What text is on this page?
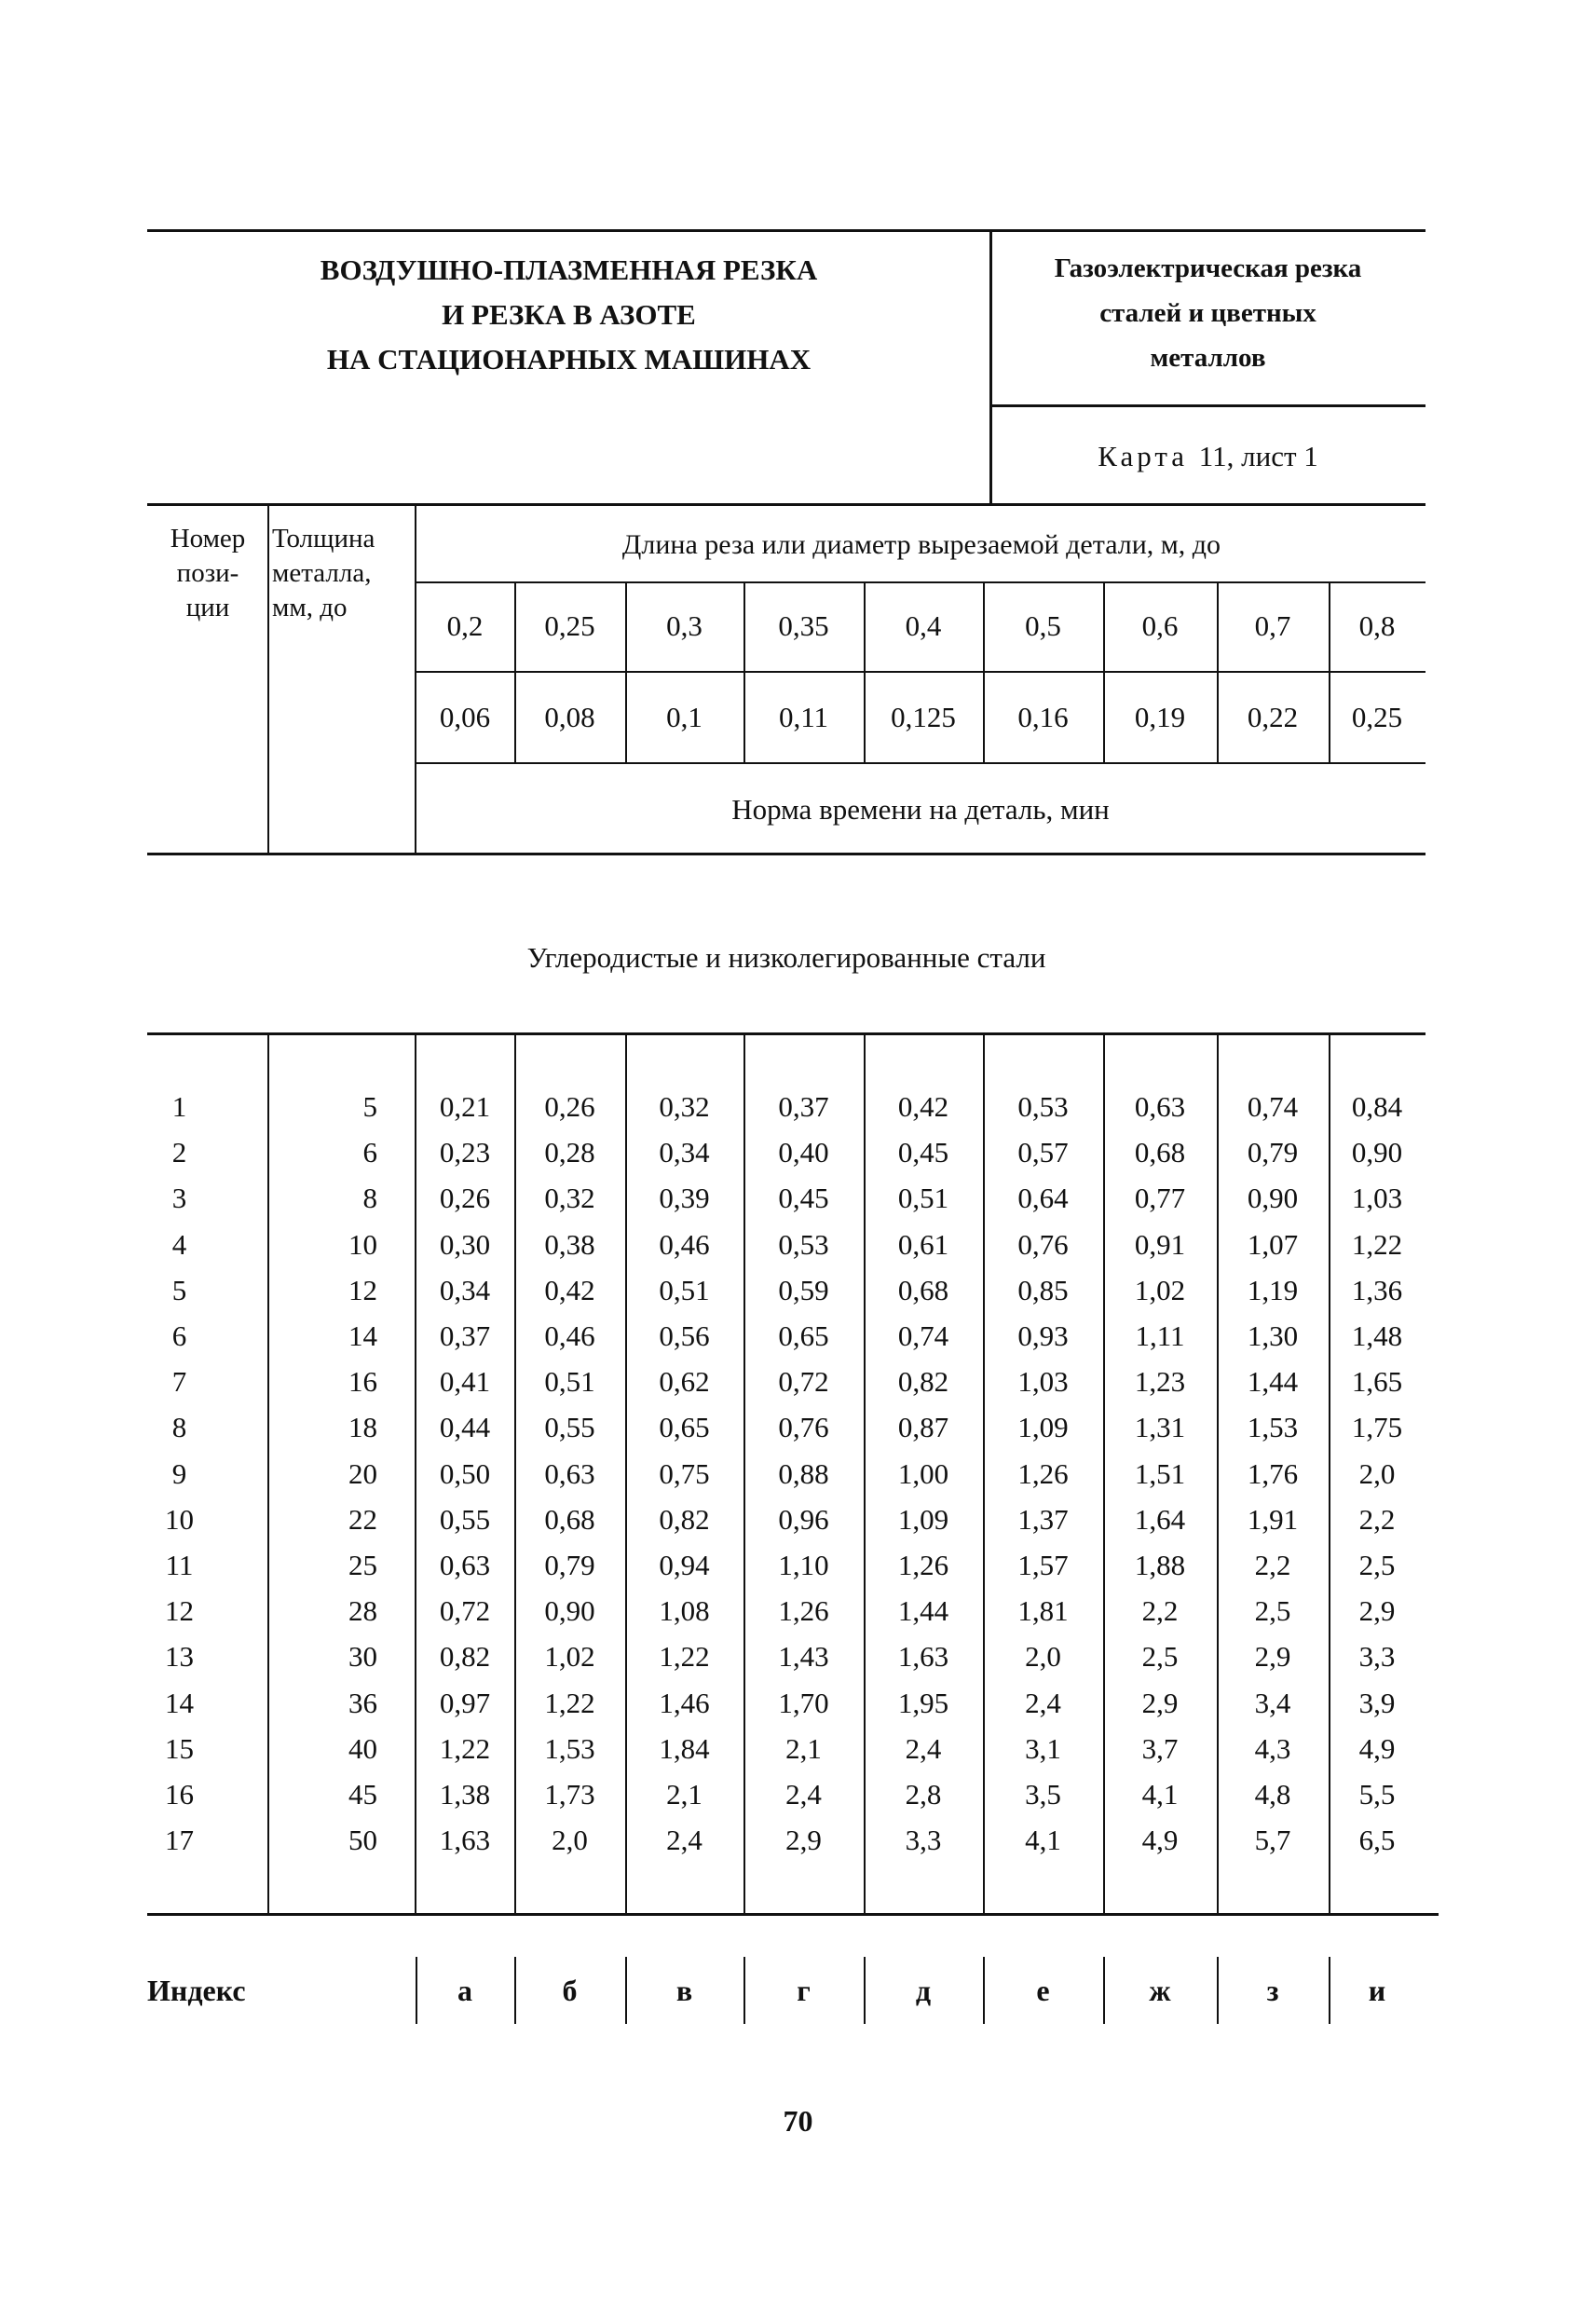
ВОЗДУШНО-ПЛАЗМЕННАЯ РЕЗКА
И РЕЗКА В АЗОТЕ
НА СТАЦИОНАРНЫХ МАШИНАХ
Газоэлектрическая резка
сталей и цветных
металлов
Карта 11, лист 1
Номер
пози-
ции
Толщина
металла,
мм, до
Длина реза или диаметр вырезаемой детали, м, до
0,2	0,25	0,3	0,35	0,4	0,5	0,6	0,7	0,8
0,06	0,08	0,1	0,11	0,125	0,16	0,19	0,22	0,25
Норма времени на деталь, мин
Углеродистые и низколегированные стали
1	5	0,21	0,26	0,32	0,37	0,42	0,53	0,63	0,74	0,84
2	6	0,23	0,28	0,34	0,40	0,45	0,57	0,68	0,79	0,90
3	8	0,26	0,32	0,39	0,45	0,51	0,64	0,77	0,90	1,03
4	10	0,30	0,38	0,46	0,53	0,61	0,76	0,91	1,07	1,22
5	12	0,34	0,42	0,51	0,59	0,68	0,85	1,02	1,19	1,36
6	14	0,37	0,46	0,56	0,65	0,74	0,93	1,11	1,30	1,48
7	16	0,41	0,51	0,62	0,72	0,82	1,03	1,23	1,44	1,65
8	18	0,44	0,55	0,65	0,76	0,87	1,09	1,31	1,53	1,75
9	20	0,50	0,63	0,75	0,88	1,00	1,26	1,51	1,76	2,0
10	22	0,55	0,68	0,82	0,96	1,09	1,37	1,64	1,91	2,2
11	25	0,63	0,79	0,94	1,10	1,26	1,57	1,88	2,2	2,5
12	28	0,72	0,90	1,08	1,26	1,44	1,81	2,2	2,5	2,9
13	30	0,82	1,02	1,22	1,43	1,63	2,0	2,5	2,9	3,3
14	36	0,97	1,22	1,46	1,70	1,95	2,4	2,9	3,4	3,9
15	40	1,22	1,53	1,84	2,1	2,4	3,1	3,7	4,3	4,9
16	45	1,38	1,73	2,1	2,4	2,8	3,5	4,1	4,8	5,5
17	50	1,63	2,0	2,4	2,9	3,3	4,1	4,9	5,7	6,5
Индекс	а	б	в	г	д	е	ж	з	и
70
